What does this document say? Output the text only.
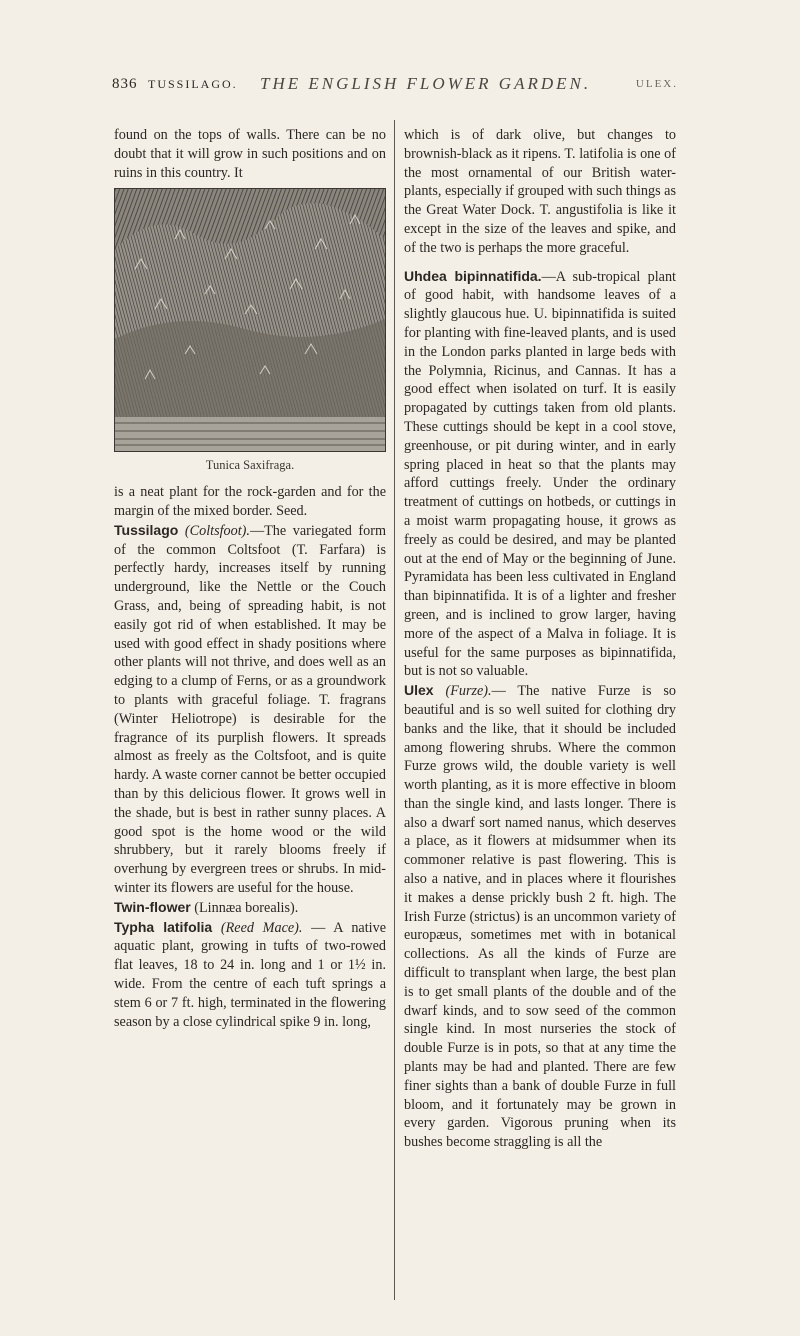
836 TUSSILAGO. THE ENGLISH FLOWER GARDEN.	ULEX.

found on the tops of walls. There can be no doubt that it will grow in such positions and on ruins in this country. It

Tunica Saxifraga.

is a neat plant for the rock-garden and for the margin of the mixed border. Seed.

Tussilago (Coltsfoot).—The variegated form of the common Coltsfoot (T. Farfara) is perfectly hardy, increases itself by running underground, like the Nettle or the Couch Grass, and, being of spreading habit, is not easily got rid of when established. It may be used with good effect in shady positions where other plants will not thrive, and does well as an edging to a clump of Ferns, or as a groundwork to plants with graceful foliage. T. fragrans (Winter Heliotrope) is desirable for the fragrance of its purplish flowers. It spreads almost as freely as the Coltsfoot, and is quite hardy. A waste corner cannot be better occupied than by this delicious flower. It grows well in the shade, but is best in rather sunny places. A good spot is the home wood or the wild shrubbery, but it rarely blooms freely if overhung by evergreen trees or shrubs. In mid-winter its flowers are useful for the house.

Twin-flower (Linnæa borealis).

Typha latifolia (Reed Mace). — A native aquatic plant, growing in tufts of two-rowed flat leaves, 18 to 24 in. long and 1 or 1½ in. wide. From the centre of each tuft springs a stem 6 or 7 ft. high, terminated in the flowering season by a close cylindrical spike 9 in. long,

which is of dark olive, but changes to brownish-black as it ripens. T. latifolia is one of the most ornamental of our British water-plants, especially if grouped with such things as the Great Water Dock. T. angustifolia is like it except in the size of the leaves and spike, and of the two is perhaps the more graceful.

Uhdea bipinnatifida.—A sub-tropical plant of good habit, with handsome leaves of a slightly glaucous hue. U. bipinnatifida is suited for planting with fine-leaved plants, and is used in the London parks planted in large beds with the Polymnia, Ricinus, and Cannas. It has a good effect when isolated on turf. It is easily propagated by cuttings taken from old plants. These cuttings should be kept in a cool stove, greenhouse, or pit during winter, and in early spring placed in heat so that the plants may afford cuttings freely. Under the ordinary treatment of cuttings on hotbeds, or cuttings in a moist warm propagating house, it grows as freely as could be desired, and may be planted out at the end of May or the beginning of June. Pyramidata has been less cultivated in England than bipinnatifida. It is of a lighter and fresher green, and is inclined to grow larger, having more of the aspect of a Malva in foliage. It is useful for the same purposes as bipinnatifida, but is not so valuable.

Ulex (Furze).— The native Furze is so beautiful and is so well suited for clothing dry banks and the like, that it should be included among flowering shrubs. Where the common Furze grows wild, the double variety is well worth planting, as it is more effective in bloom than the single kind, and lasts longer. There is also a dwarf sort named nanus, which deserves a place, as it flowers at midsummer when its commoner relative is past flowering. This is also a native, and in places where it flourishes it makes a dense prickly bush 2 ft. high. The Irish Furze (strictus) is an uncommon variety of europæus, sometimes met with in botanical collections. As all the kinds of Furze are difficult to transplant when large, the best plan is to get small plants of the double and of the dwarf kinds, and to sow seed of the common single kind. In most nurseries the stock of double Furze is in pots, so that at any time the plants may be had and planted. There are few finer sights than a bank of double Furze in full bloom, and it fortunately may be grown in every garden. Vigorous pruning when its bushes become straggling is all the
